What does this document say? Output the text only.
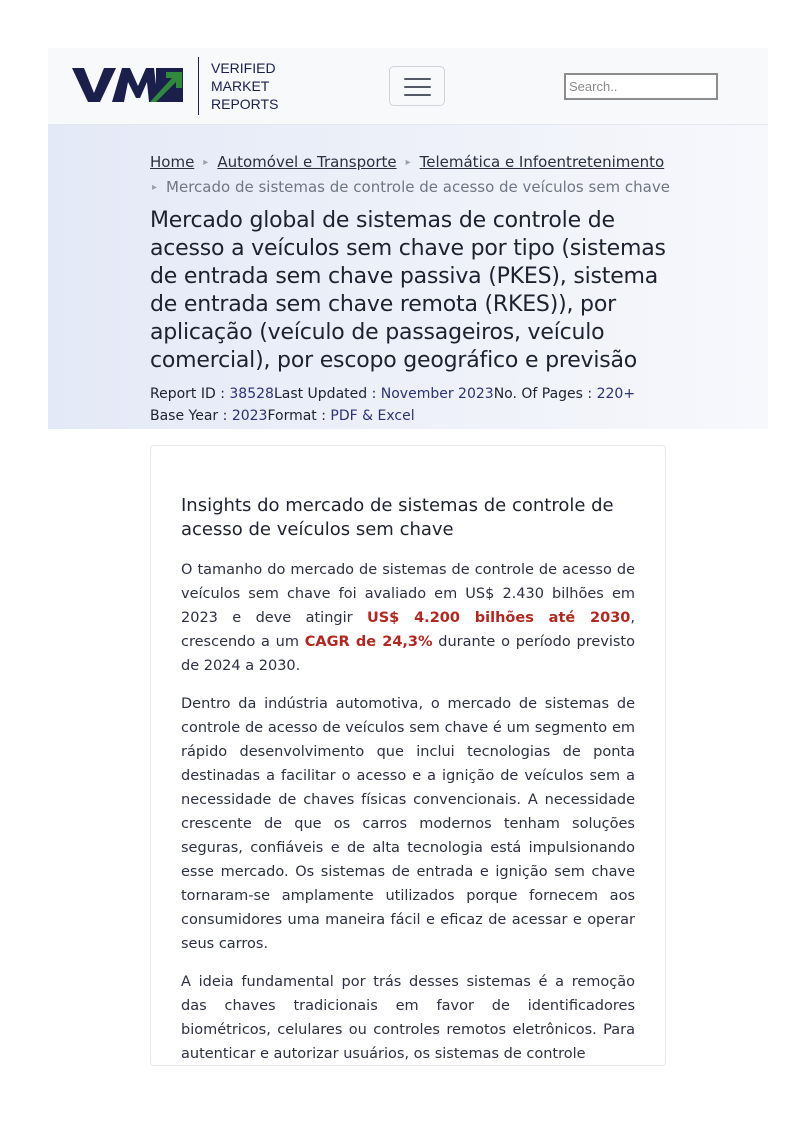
VERIFIED
MARKET
REPORTS
Search..
Home ▸ Automóvel e Transporte ▸ Telemática e Infoentretenimento
▸ Mercado de sistemas de controle de acesso de veículos sem chave
Mercado global de sistemas de controle de acesso a veículos sem chave por tipo (sistemas de entrada sem chave passiva (PKES), sistema de entrada sem chave remota (RKES)), por aplicação (veículo de passageiros, veículo comercial), por escopo geográfico e previsão
Report ID : 38528Last Updated : November 2023No. Of Pages : 220+
Base Year : 2023Format : PDF & Excel
Insights do mercado de sistemas de controle de acesso de veículos sem chave

O tamanho do mercado de sistemas de controle de acesso de veículos sem chave foi avaliado em US$ 2.430 bilhões em 2023 e deve atingir US$ 4.200 bilhões até 2030, crescendo a um CAGR de 24,3% durante o período previsto de 2024 a 2030.

Dentro da indústria automotiva, o mercado de sistemas de controle de acesso de veículos sem chave é um segmento em rápido desenvolvimento que inclui tecnologias de ponta destinadas a facilitar o acesso e a ignição de veículos sem a necessidade de chaves físicas convencionais. A necessidade crescente de que os carros modernos tenham soluções seguras, confiáveis e de alta tecnologia está impulsionando esse mercado. Os sistemas de entrada e ignição sem chave tornaram-se amplamente utilizados porque fornecem aos consumidores uma maneira fácil e eficaz de acessar e operar seus carros.

A ideia fundamental por trás desses sistemas é a remoção das chaves tradicionais em favor de identificadores biométricos, celulares ou controles remotos eletrônicos. Para autenticar e autorizar usuários, os sistemas de controle
